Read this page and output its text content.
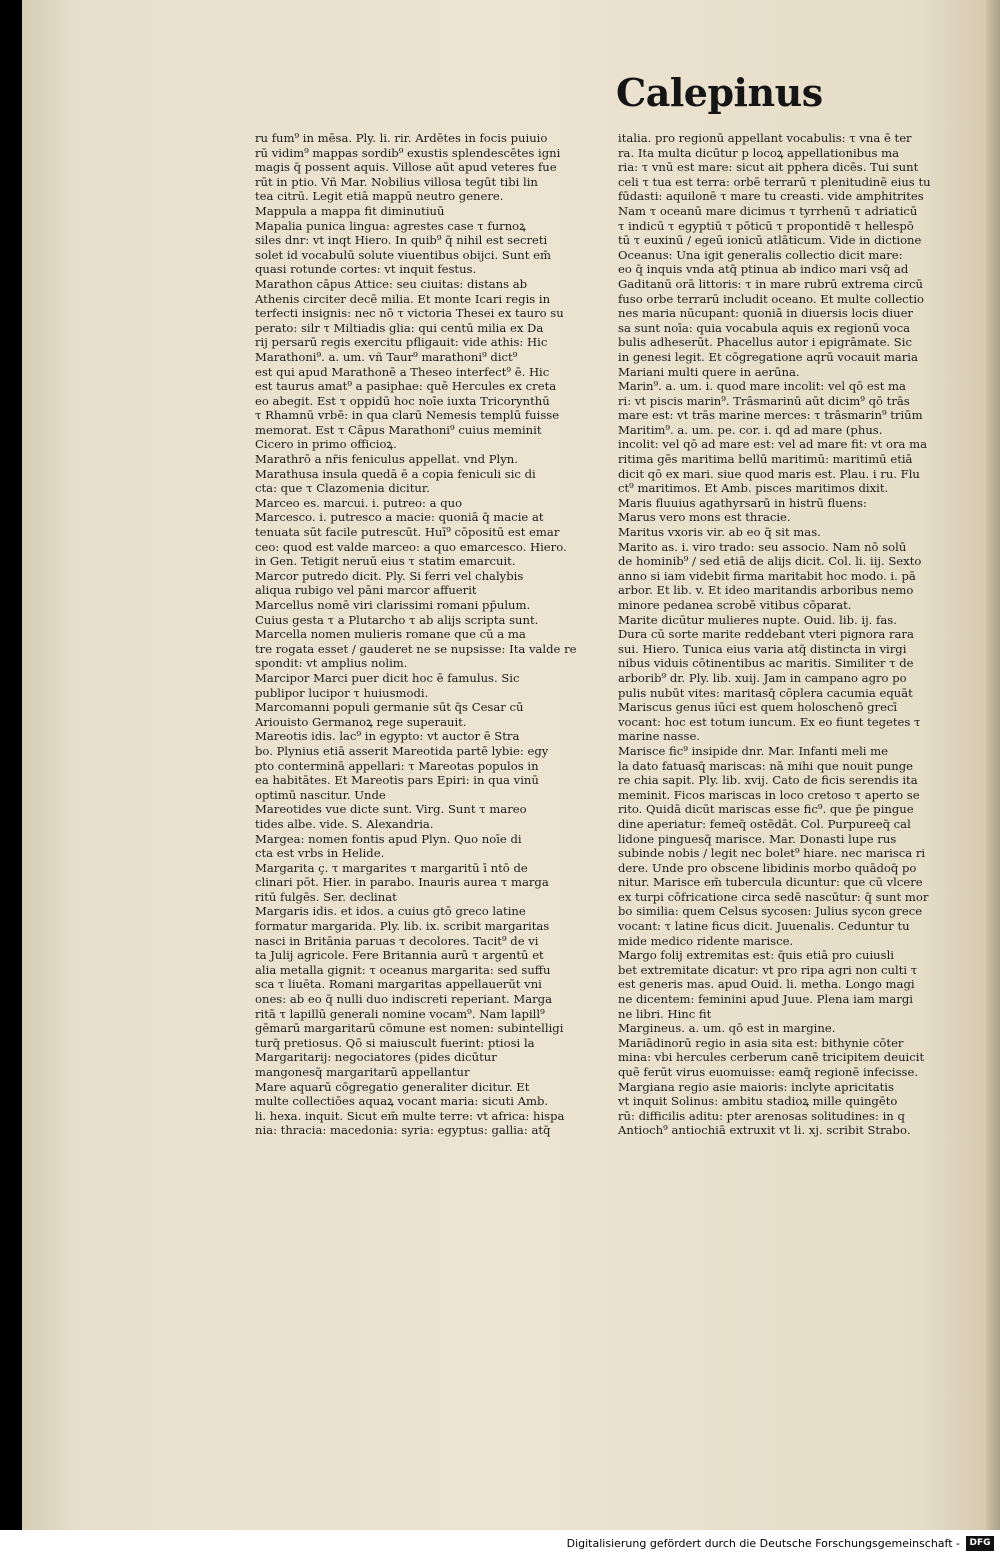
Calepinus
ru fum⁹ in mēsa. Ply. li. rir. Ardētes in focis puiuio
rū vidim⁹ mappas sordib⁹ exustis splendescētes igni
magis q̄ possent aquis. Villose aūt apud veteres fue
rūt in ptio. Vñ Mar. Nobilius villosa tegūt tibi lin
tea citrū. Legit etiā mappū neutro genere.
Mappula a mappa fit diminutiuū
Mapalia punica lingua: agrestes case τ furnoꝝ
siles dnr: vt inqt Hiero. In quib⁹ q̄ nihil est secreti
solet id vocabulū solute viuentibus obijci. Sunt em̄
quasi rotunde cortes: vt inquit festus.
Marathon cāpus Attice: seu ciuitas: distans ab
Athenis circiter decē milia. Et monte Icari regis in
terfecti insignis: nec nō τ victoria Thesei ex tauro su
perato: silr τ Miltiadis glia: qui centū milia ex Da
rij persarū regis exercitu pfligauit: vide athis: Hic
Marathoni⁹. a. um. vñ Taur⁹ marathoni⁹ dict⁹
est qui apud Marathonē a Theseo interfect⁹ ē. Hic
est taurus amat⁹ a pasiphae: quē Hercules ex creta
eo abegit. Est τ oppidū hoc noīe iuxta Tricorynthū
τ Rhamnū vrbē: in qua clarū Nemesis templū fuisse
memorat. Est τ Cāpus Marathoni⁹ cuius meminit
Cicero in primo officioꝝ.
Marathrō a nr̄is feniculus appellat. vnd Plyn.
Marathusa insula quedā ē a copia feniculi sic di
cta: que τ Clazomenia dicitur.
Marceo es. marcui. i. putreo: a quo
Marcesco. i. putresco a macie: quoniā q̄ macie at
tenuata sūt facile putrescūt. Huī⁹ cōpositū est emar
ceo: quod est valde marceo: a quo emarcesco. Hiero.
in Gen. Tetigit neruū eius τ statim emarcuit.
Marcor putredo dicit. Ply. Si ferri vel chalybis
aliqua rubigo vel pāni marcor affuerit
Marcellus nomē viri clarissimi romani pp̄ulum.
Cuius gesta τ a Plutarcho τ ab alijs scripta sunt.
Marcella nomen mulieris romane que cū a ma
tre rogata esset / gauderet ne se nupsisse: Ita valde re
spondit: vt amplius nolim.
Marcipor Marci puer dicit hoc ē famulus. Sic
publipor lucipor τ huiusmodi.
Marcomanni populi germanie sūt q̄s Cesar cū
Ariouisto Germanoꝝ rege superauit.
Mareotis idis. lac⁹ in egypto: vt auctor ē Stra
bo. Plynius etiā asserit Mareotida partē lybie: egy
pto conterminā appellari: τ Mareotas populos in
ea habitātes. Et Mareotis pars Epiri: in qua vinū
optimū nascitur. Unde
Mareotides vue dicte sunt. Virg. Sunt τ mareo
tides albe. vide. S. Alexandria.
Margea: nomen fontis apud Plyn. Quo noīe di
cta est vrbs in Helide.
Margarita ç. τ margarites τ margaritū ī ntō de
clinari pōt. Hier. in parabo. Inauris aurea τ marga
ritū fulgēs. Ser. declinat
Margaris idis. et idos. a cuius gtō greco latine
formatur margarida. Ply. lib. ix. scribit margaritas
nasci in Britānia paruas τ decolores. Tacit⁹ de vi
ta Julij agricole. Fere Britannia aurū τ argentū et
alia metalla gignit: τ oceanus margarita: sed suffu
sca τ liuēta. Romani margaritas appellauerūt vni
ones: ab eo q̄ nulli duo indiscreti reperiant. Marga
ritā τ lapillū generali nomine vocam⁹. Nam lapill⁹
gēmarū margaritarū cōmune est nomen: subintelligi
turq̄ pretiosus. Qō si maiuscult fuerint: ptiosi la
Margaritarij: negociatores (pides dicūtur
mangonesq̄ margaritarū appellantur
Mare aquarū cōgregatio generaliter dicitur. Et
multe collectiōes aquaꝝ vocant maria: sicuti Amb.
li. hexa. inquit. Sicut em̄ multe terre: vt africa: hispa
nia: thracia: macedonia: syria: egyptus: gallia: atq̄
italia. pro regionū appellant vocabulis: τ vna ē ter
ra. Ita multa dicūtur p locoꝝ appellationibus ma
ria: τ vnū est mare: sicut ait pphera dicēs. Tui sunt
celi τ tua est terra: orbē terrarū τ plenitudinē eius tu
fūdasti: aquilonē τ mare tu creasti. vide amphitrites
Nam τ oceanū mare dicimus τ tyrrhenū τ adriaticū
τ indicū τ egyptiū τ pōticū τ propontidē τ hellespō
tū τ euxinū / egeū ionicū atlāticum. Vide in dictione
Oceanus: Una igit generalis collectio dicit mare:
eo q̄ inquis vnda atq̄ ptinua ab indico mari vsq̄ ad
Gaditanū orā littoris: τ in mare rubrū extrema circū
fuso orbe terrarū includit oceano. Et multe collectio
nes maria nūcupant: quoniā in diuersis locis diuer
sa sunt noīa: quia vocabula aquis ex regionū voca
bulis adheserūt. Phacellus autor i epigrāmate. Sic
in genesi legit. Et cōgregatione aqrū vocauit maria
Mariani multi quere in aerūna.
Marin⁹. a. um. i. quod mare incolit: vel qō est ma
ri: vt piscis marin⁹. Trāsmarinū aūt dicim⁹ qō trās
mare est: vt trās marine merces: τ trāsmarin⁹ triūm
Maritim⁹. a. um. pe. cor. i. qd ad mare (phus.
incolit: vel qō ad mare est: vel ad mare fit: vt ora ma
ritima gēs maritima bellū maritimū: maritimū etiā
dicit qō ex mari. siue quod maris est. Plau. i ru. Flu
ct⁹ maritimos. Et Amb. pisces maritimos dixit.
Maris fluuius agathyrsarū in histrū fluens:
Marus vero mons est thracie.
Maritus vxoris vir. ab eo q̄ sit mas.
Marito as. i. viro trado: seu associo. Nam nō solū
de hominib⁹ / sed etiā de alijs dicit. Col. li. iij. Sexto
anno si iam videbit firma maritabit hoc modo. i. pā
arbor. Et lib. v. Et ideo maritandis arboribus nemo
minore pedanea scrobē vitibus cōparat.
Marite dicūtur mulieres nupte. Ouid. lib. ij. fas.
Dura cū sorte marite reddebant vteri pignora rara
sui. Hiero. Tunica eius varia atq̄ distincta in virgi
nibus viduis cōtinentibus ac maritis. Similiter τ de
arborib⁹ dr. Ply. lib. xuij. Jam in campano agro po
pulis nubūt vites: maritasq̄ cōplera cacumia equāt
Mariscus genus iūci est quem holoschenō grecī
vocant: hoc est totum iuncum. Ex eo fiunt tegetes τ
marine nasse.
Marisce fic⁹ insipide dnr. Mar. Infanti meli me
la dato fatuasq̄ mariscas: nā mihi que nouit punge
re chia sapit. Ply. lib. xvij. Cato de ficis serendis ita
meminit. Ficos mariscas in loco cretoso τ aperto se
rito. Quidā dicūt mariscas esse fic⁹. que p̄e pingue
dine aperiatur: femeq̄ ostēdāt. Col. Purpureeq̄ cal
lidone pinguesq̄ marisce. Mar. Donasti lupe rus
subinde nobis / legit nec bolet⁹ hiare. nec marisca ri
dere. Unde pro obscene libidinis morbo quādoq̄ po
nitur. Marisce em̄ tubercula dicuntur: que cū vlcere
ex turpi cōfricatione circa sedē nascūtur: q̄ sunt mor
bo similia: quem Celsus sycosen: Julius sycon grece
vocant: τ latine ficus dicit. Juuenalis. Ceduntur tu
mide medico ridente marisce.
Margo folij extremitas est: q̄uis etiā pro cuiusli
bet extremitate dicatur: vt pro ripa agri non culti τ
est generis mas. apud Ouid. li. metha. Longo magi
ne dicentem: feminini apud Juue. Plena iam margi
ne libri. Hinc fit
Margineus. a. um. qō est in margine.
Mariādinorū regio in asia sita est: bithynie cōter
mina: vbi hercules cerberum canē tricipitem deuicit
quē ferūt virus euomuisse: eamq̄ regionē infecisse.
Margiana regio asie maioris: inclyte apricitatis
vt inquit Solinus: ambitu stadioꝝ mille quingēto
rū: difficilis aditu: pter arenosas solitudines: in q
Antioch⁹ antiochiā extruxit vt li. xj. scribit Strabo.
Digitalisierung gefördert durch die Deutsche Forschungsgemeinschaft -	DFG
